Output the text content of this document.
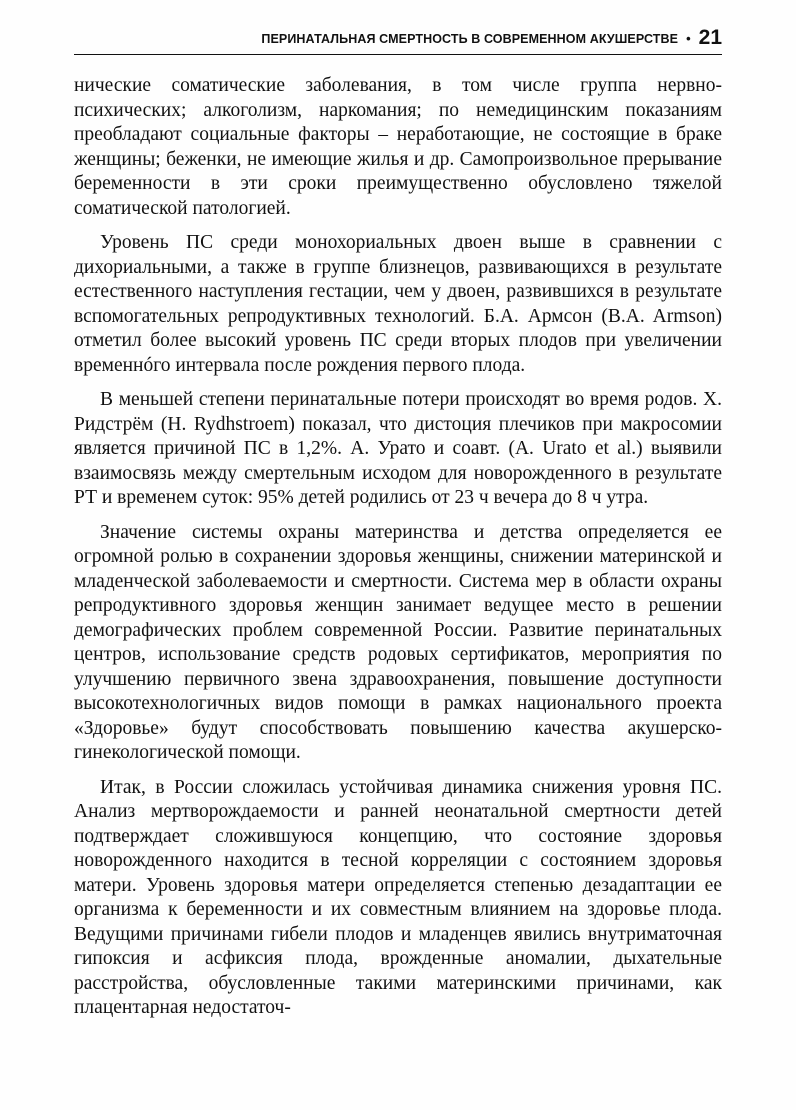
ПЕРИНАТАЛЬНАЯ СМЕРТНОСТЬ В СОВРЕМЕННОМ АКУШЕРСТВЕ • 21

нические соматические заболевания, в том числе группа нервно-психических; алкоголизм, наркомания; по немедицинским показаниям преобладают социальные факторы – неработающие, не состоящие в браке женщины; беженки, не имеющие жилья и др. Самопроизвольное прерывание беременности в эти сроки преимущественно обусловлено тяжелой соматической патологией.

Уровень ПС среди монохориальных двоен выше в сравнении с дихориальными, а также в группе близнецов, развивающихся в результате естественного наступления гестации, чем у двоен, развившихся в результате вспомогательных репродуктивных технологий. Б.А. Армсон (B.A. Armson) отметил более высокий уровень ПС среди вторых плодов при увеличении временнóго интервала после рождения первого плода.

В меньшей степени перинатальные потери происходят во время родов. Х. Ридстрём (H. Rydhstroem) показал, что дистоция плечиков при макросомии является причиной ПС в 1,2%. А. Урато и соавт. (A. Urato et al.) выявили взаимосвязь между смертельным исходом для новорожденного в результате РТ и временем суток: 95% детей родились от 23 ч вечера до 8 ч утра.

Значение системы охраны материнства и детства определяется ее огромной ролью в сохранении здоровья женщины, снижении материнской и младенческой заболеваемости и смертности. Система мер в области охраны репродуктивного здоровья женщин занимает ведущее место в решении демографических проблем современной России. Развитие перинатальных центров, использование средств родовых сертификатов, мероприятия по улучшению первичного звена здравоохранения, повышение доступности высокотехнологичных видов помощи в рамках национального проекта «Здоровье» будут способствовать повышению качества акушерско-гинекологической помощи.

Итак, в России сложилась устойчивая динамика снижения уровня ПС. Анализ мертворождаемости и ранней неонатальной смертности детей подтверждает сложившуюся концепцию, что состояние здоровья новорожденного находится в тесной корреляции с состоянием здоровья матери. Уровень здоровья матери определяется степенью дезадаптации ее организма к беременности и их совместным влиянием на здоровье плода. Ведущими причинами гибели плодов и младенцев явились внутриматочная гипоксия и асфиксия плода, врожденные аномалии, дыхательные расстройства, обусловленные такими материнскими причинами, как плацентарная недостаточ-
